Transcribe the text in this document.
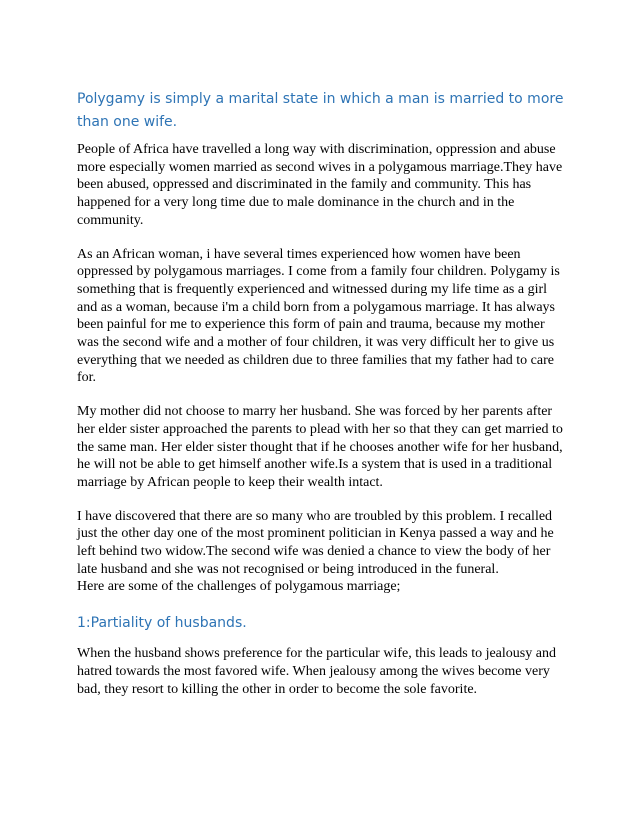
Polygamy is simply a marital state in which a man is married to more than one wife.

People of Africa have travelled a long way with discrimination, oppression and abuse more especially women married as second wives in a polygamous marriage.They have been abused, oppressed and discriminated in the family and community. This has happened for a very long time due to male dominance in the church and in the community.

As an African woman, i have several times experienced how women have been oppressed by polygamous marriages. I come from a family four children. Polygamy is something that is frequently experienced and witnessed during my life time as a girl and as a woman, because i'm a child born from a polygamous marriage. It has always been painful for me to experience this form of pain and trauma, because my mother was the second wife and a mother of four children, it was very difficult her to give us everything that we needed as children due to three families that my father had to care for.

My mother did not choose to marry her husband. She was forced by her parents after her elder sister approached the parents to plead with her so that they can get married to the same man. Her elder sister thought that if he chooses another wife for her husband, he will not be able to get himself another wife.Is a system that is used in a traditional marriage by African people to keep their wealth intact.

I have discovered that there are so many who are troubled by this problem. I recalled just the other day one of the most prominent politician in Kenya passed a way and he left behind two widow.The second wife was denied a chance to view the body of her late husband and she was not recognised or being introduced in the funeral.

Here are some of the challenges of polygamous marriage;

1:Partiality of husbands.

When the husband shows preference for the particular wife, this leads to jealousy and hatred towards the most favored wife. When jealousy among the wives become very bad, they resort to killing the other in order to become the sole favorite.
